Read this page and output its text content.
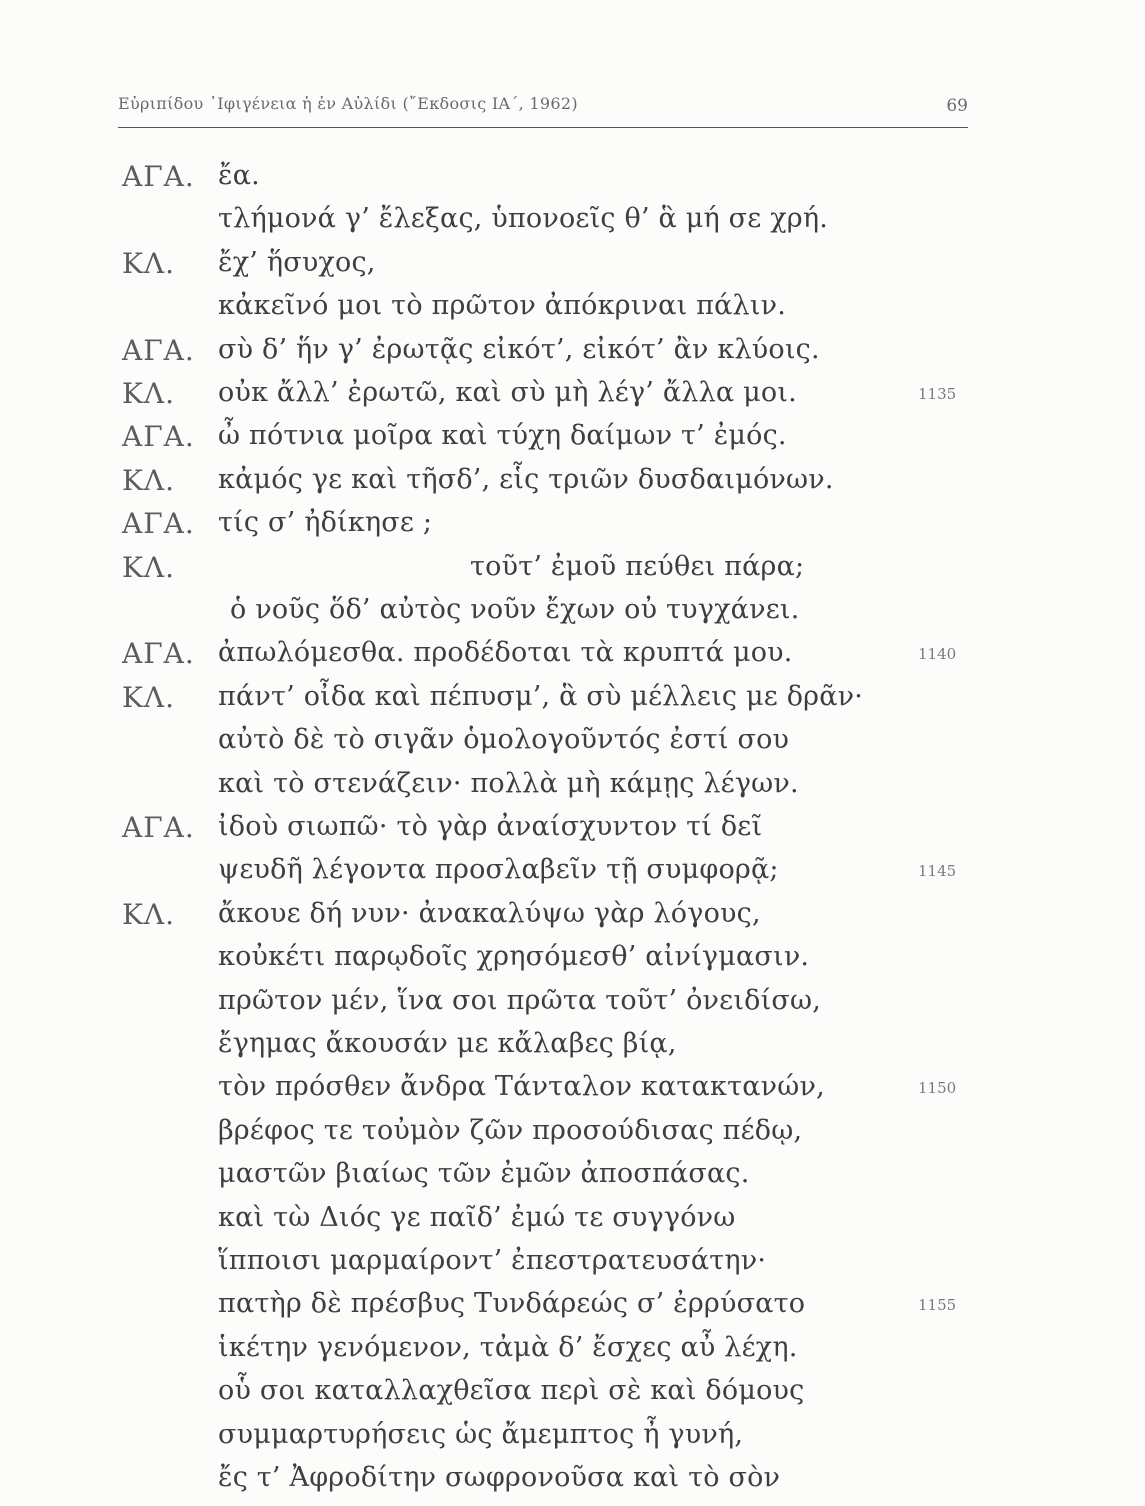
Εὐριπίδου ᾿Ιφιγένεια ἡ ἐν Αὐλίδι (῎Εκδοσις ΙΑ΄, 1962)	69
ΑΓΑ. ἔα.
τλήμονά γ’ ἔλεξας, ὑπονοεῖς θ’ ἃ μή σε χρή.
ΚΛ. ἔχ’ ἥσυχος,
κἀκεῖνό μοι τὸ πρῶτον ἀπόκριναι πάλιν.
ΑΓΑ. σὺ δ’ ἥν γ’ ἐρωτᾷς εἰκότ’, εἰκότ’ ἂν κλύοις.
ΚΛ. οὐκ ἄλλ’ ἐρωτῶ, καὶ σὺ μὴ λέγ’ ἄλλα μοι.	1135
ΑΓΑ. ὦ πότνια μοῖρα καὶ τύχη δαίμων τ’ ἐμός.
ΚΛ. κἀμός γε καὶ τῆσδ’, εἷς τριῶν δυσδαιμόνων.
ΑΓΑ. τίς σ’ ἠδίκησε ;
ΚΛ.	τοῦτ’ ἐμοῦ πεύθει πάρα;
ὁ νοῦς ὅδ’ αὐτὸς νοῦν ἔχων οὐ τυγχάνει.
ΑΓΑ. ἀπωλόμεσθα. προδέδοται τὰ κρυπτά μου.	1140
ΚΛ. πάντ’ οἶδα καὶ πέπυσμ’, ἃ σὺ μέλλεις με δρᾶν·
αὐτὸ δὲ τὸ σιγᾶν ὁμολογοῦντός ἐστί σου
καὶ τὸ στενάζειν· πολλὰ μὴ κάμῃς λέγων.
ΑΓΑ. ἰδοὺ σιωπῶ· τὸ γὰρ ἀναίσχυντον τί δεῖ
ψευδῆ λέγοντα προσλαβεῖν τῇ συμφορᾷ;	1145
ΚΛ. ἄκουε δή νυν· ἀνακαλύψω γὰρ λόγους,
κοὐκέτι παρῳδοῖς χρησόμεσθ’ αἰνίγμασιν.
πρῶτον μέν, ἵνα σοι πρῶτα τοῦτ’ ὀνειδίσω,
ἔγημας ἄκουσάν με κἄλαβες βίᾳ,
τὸν πρόσθεν ἄνδρα Τάνταλον κατακτανών,	1150
βρέφος τε τοὐμὸν ζῶν προσούδισας πέδῳ,
μαστῶν βιαίως τῶν ἐμῶν ἀποσπάσας.
καὶ τὼ Διός γε παῖδ’ ἐμώ τε συγγόνω
ἵπποισι μαρμαίροντ’ ἐπεστρατευσάτην·
πατὴρ δὲ πρέσβυς Τυνδάρεώς σ’ ἐρρύσατο	1155
ἱκέτην γενόμενον, τἀμὰ δ’ ἔσχες αὖ λέχη.
οὗ σοι καταλλαχθεῖσα περὶ σὲ καὶ δόμους
συμμαρτυρήσεις ὡς ἄμεμπτος ἦ γυνή,
ἔς τ’ Ἀφροδίτην σωφρονοῦσα καὶ τὸ σὸν
